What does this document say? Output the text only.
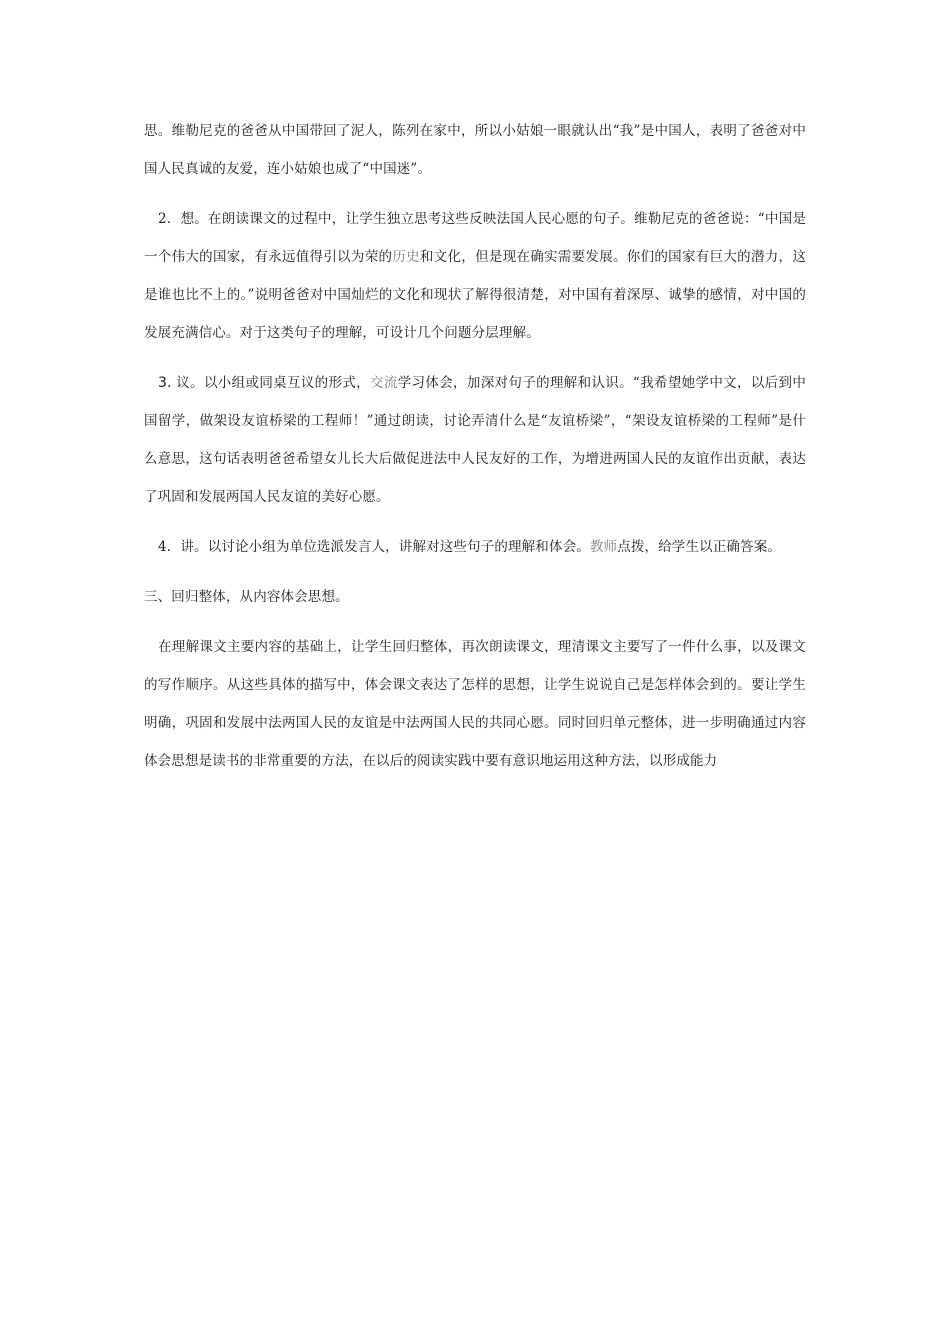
思。维勒尼克的爸爸从中国带回了泥人，陈列在家中，所以小姑娘一眼就认出“我”是中国人，表明了爸爸对中国人民真诚的友爱，连小姑娘也成了“中国迷”。

2．想。在朗读课文的过程中，让学生独立思考这些反映法国人民心愿的句子。维勒尼克的爸爸说：“中国是一个伟大的国家，有永远值得引以为荣的历史和文化，但是现在确实需要发展。你们的国家有巨大的潜力，这是谁也比不上的。”说明爸爸对中国灿烂的文化和现状了解得很清楚，对中国有着深厚、诚挚的感情，对中国的发展充满信心。对于这类句子的理解，可设计几个问题分层理解。

3. 议。以小组或同桌互议的形式，交流学习体会，加深对句子的理解和认识。“我希望她学中文，以后到中国留学，做架设友谊桥梁的工程师！”通过朗读，讨论弄清什么是“友谊桥梁”，“架设友谊桥梁的工程师”是什么意思，这句话表明爸爸希望女儿长大后做促进法中人民友好的工作，为增进两国人民的友谊作出贡献，表达了巩固和发展两国人民友谊的美好心愿。

4．讲。以讨论小组为单位选派发言人，讲解对这些句子的理解和体会。教师点拨，给学生以正确答案。

三、回归整体，从内容体会思想。

在理解课文主要内容的基础上，让学生回归整体，再次朗读课文，理清课文主要写了一件什么事，以及课文的写作顺序。从这些具体的描写中，体会课文表达了怎样的思想，让学生说说自己是怎样体会到的。要让学生明确，巩固和发展中法两国人民的友谊是中法两国人民的共同心愿。同时回归单元整体，进一步明确通过内容体会思想是读书的非常重要的方法，在以后的阅读实践中要有意识地运用这种方法，以形成能力
